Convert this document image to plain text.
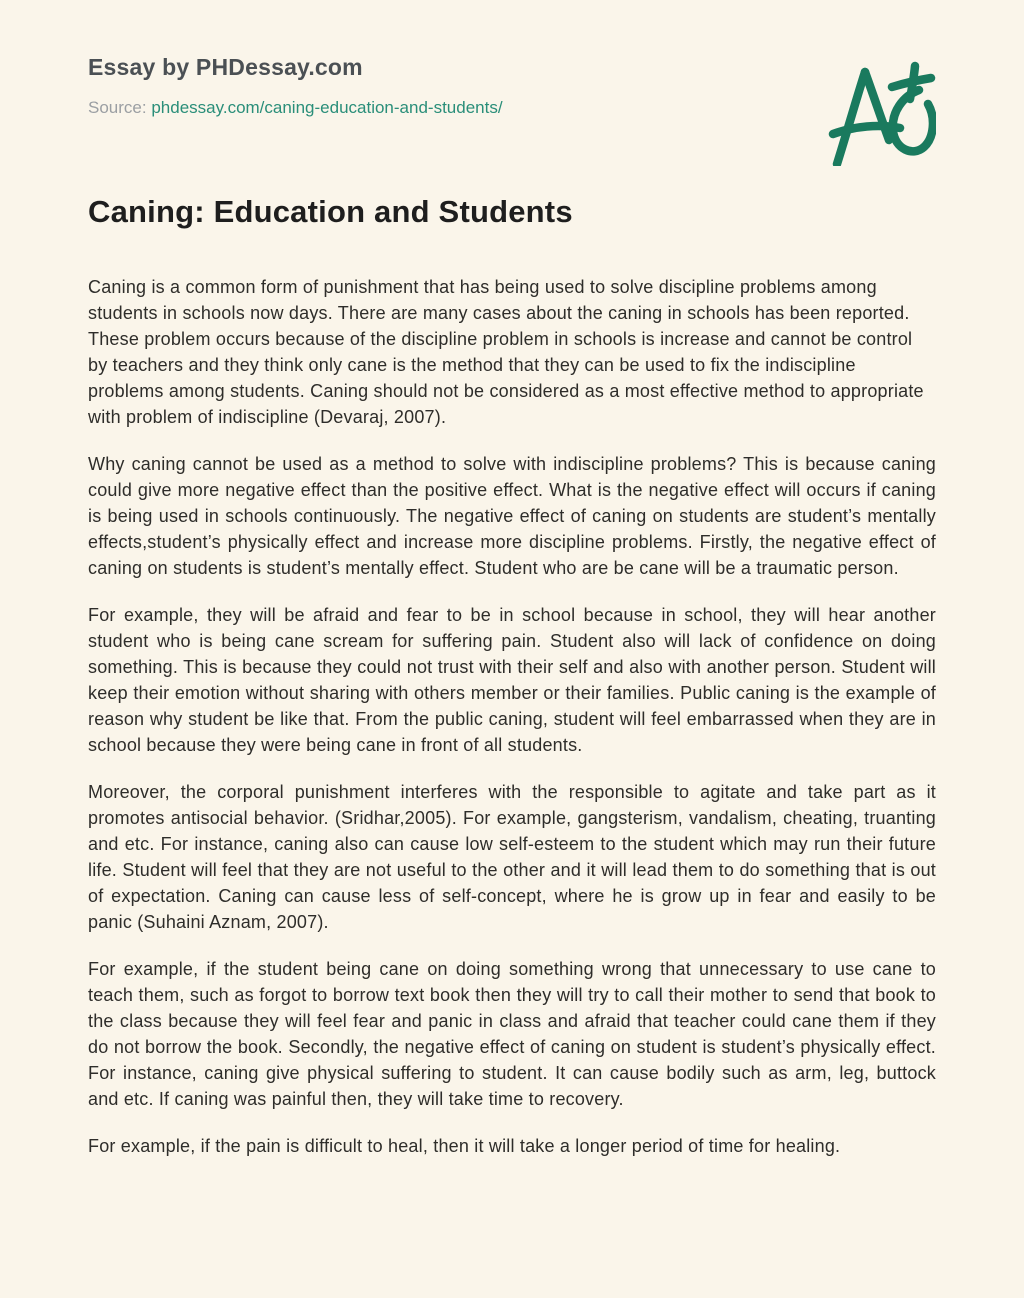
Essay by PHDessay.com
Source: phdessay.com/caning-education-and-students/
Caning: Education and Students

Caning is a common form of punishment that has being used to solve discipline problems among students in schools now days. There are many cases about the caning in schools has been reported. These problem occurs because of the discipline problem in schools is increase and cannot be control by teachers and they think only cane is the method that they can be used to fix the indiscipline problems among students. Caning should not be considered as a most effective method to appropriate with problem of indiscipline (Devaraj, 2007).

Why caning cannot be used as a method to solve with indiscipline problems? This is because caning could give more negative effect than the positive effect. What is the negative effect will occurs if caning is being used in schools continuously. The negative effect of caning on students are student’s mentally effects,student’s physically effect and increase more discipline problems. Firstly, the negative effect of caning on students is student’s mentally effect. Student who are be cane will be a traumatic person.

For example, they will be afraid and fear to be in school because in school, they will hear another student who is being cane scream for suffering pain. Student also will lack of confidence on doing something. This is because they could not trust with their self and also with another person. Student will keep their emotion without sharing with others member or their families. Public caning is the example of reason why student be like that. From the public caning, student will feel embarrassed when they are in school because they were being cane in front of all students.

Moreover, the corporal punishment interferes with the responsible to agitate and take part as it promotes antisocial behavior. (Sridhar,2005). For example, gangsterism, vandalism, cheating, truanting and etc. For instance, caning also can cause low self-esteem to the student which may run their future life. Student will feel that they are not useful to the other and it will lead them to do something that is out of expectation. Caning can cause less of self-concept, where he is grow up in fear and easily to be panic (Suhaini Aznam, 2007).

For example, if the student being cane on doing something wrong that unnecessary to use cane to teach them, such as forgot to borrow text book then they will try to call their mother to send that book to the class because they will feel fear and panic in class and afraid that teacher could cane them if they do not borrow the book. Secondly, the negative effect of caning on student is student’s physically effect. For instance, caning give physical suffering to student. It can cause bodily such as arm, leg, buttock and etc. If caning was painful then, they will take time to recovery.

For example, if the pain is difficult to heal, then it will take a longer period of time for healing.
